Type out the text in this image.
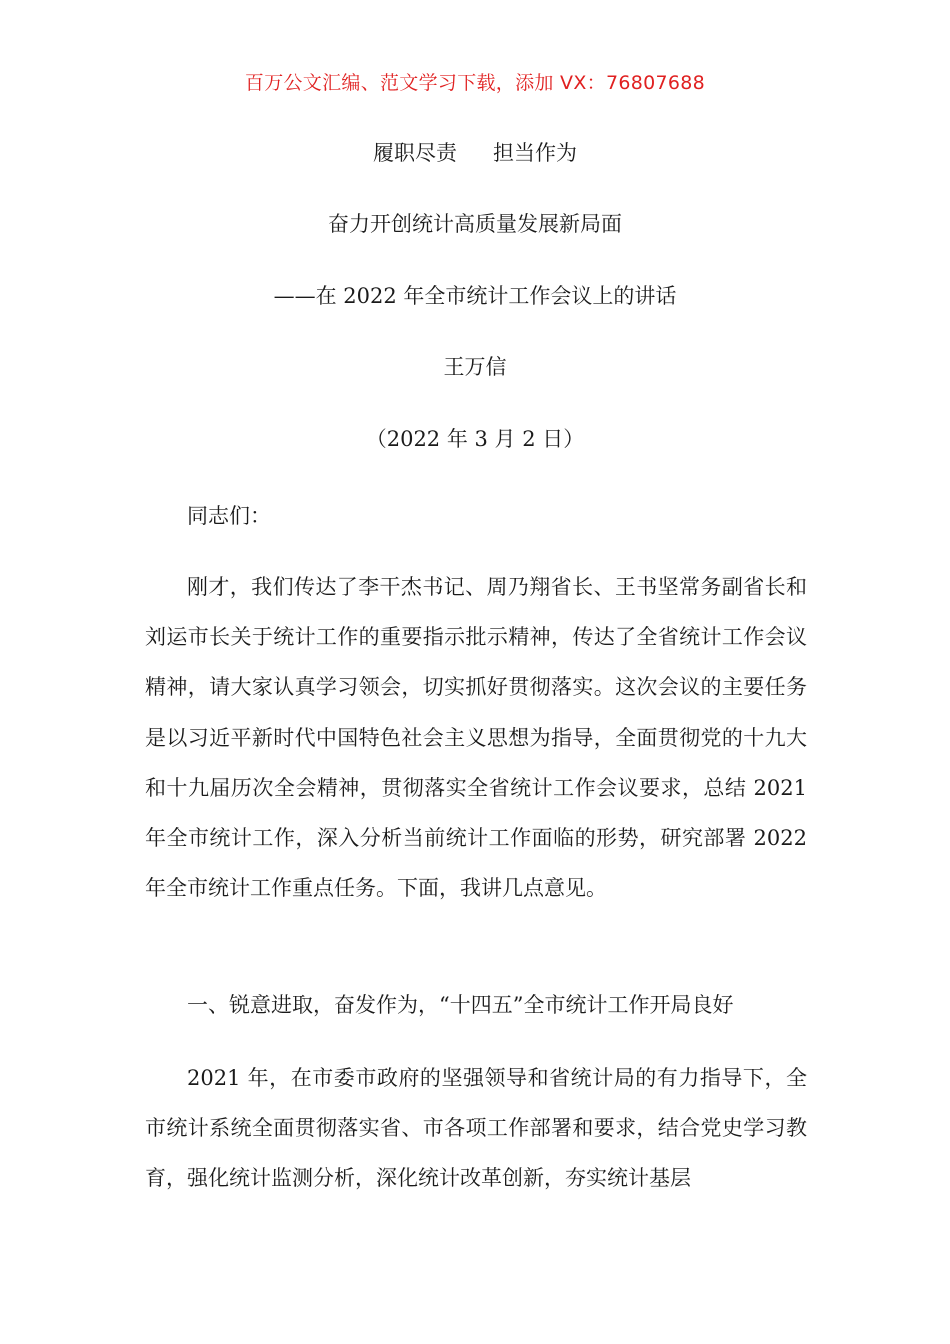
百万公文汇编、范文学习下载，添加 VX：76807688
履职尽责 担当作为
奋力开创统计高质量发展新局面
——在 2022 年全市统计工作会议上的讲话
王万信
（2022 年 3 月 2 日）
同志们：
刚才，我们传达了李干杰书记、周乃翔省长、王书坚常务副省长和刘运市长关于统计工作的重要指示批示精神，传达了全省统计工作会议精神，请大家认真学习领会，切实抓好贯彻落实。这次会议的主要任务是以习近平新时代中国特色社会主义思想为指导，全面贯彻党的十九大和十九届历次全会精神，贯彻落实全省统计工作会议要求，总结 2021 年全市统计工作，深入分析当前统计工作面临的形势，研究部署 2022 年全市统计工作重点任务。下面，我讲几点意见。
一、锐意进取，奋发作为，“十四五”全市统计工作开局良好
2021 年，在市委市政府的坚强领导和省统计局的有力指导下，全市统计系统全面贯彻落实省、市各项工作部署和要求，结合党史学习教育，强化统计监测分析，深化统计改革创新，夯实统计基层
